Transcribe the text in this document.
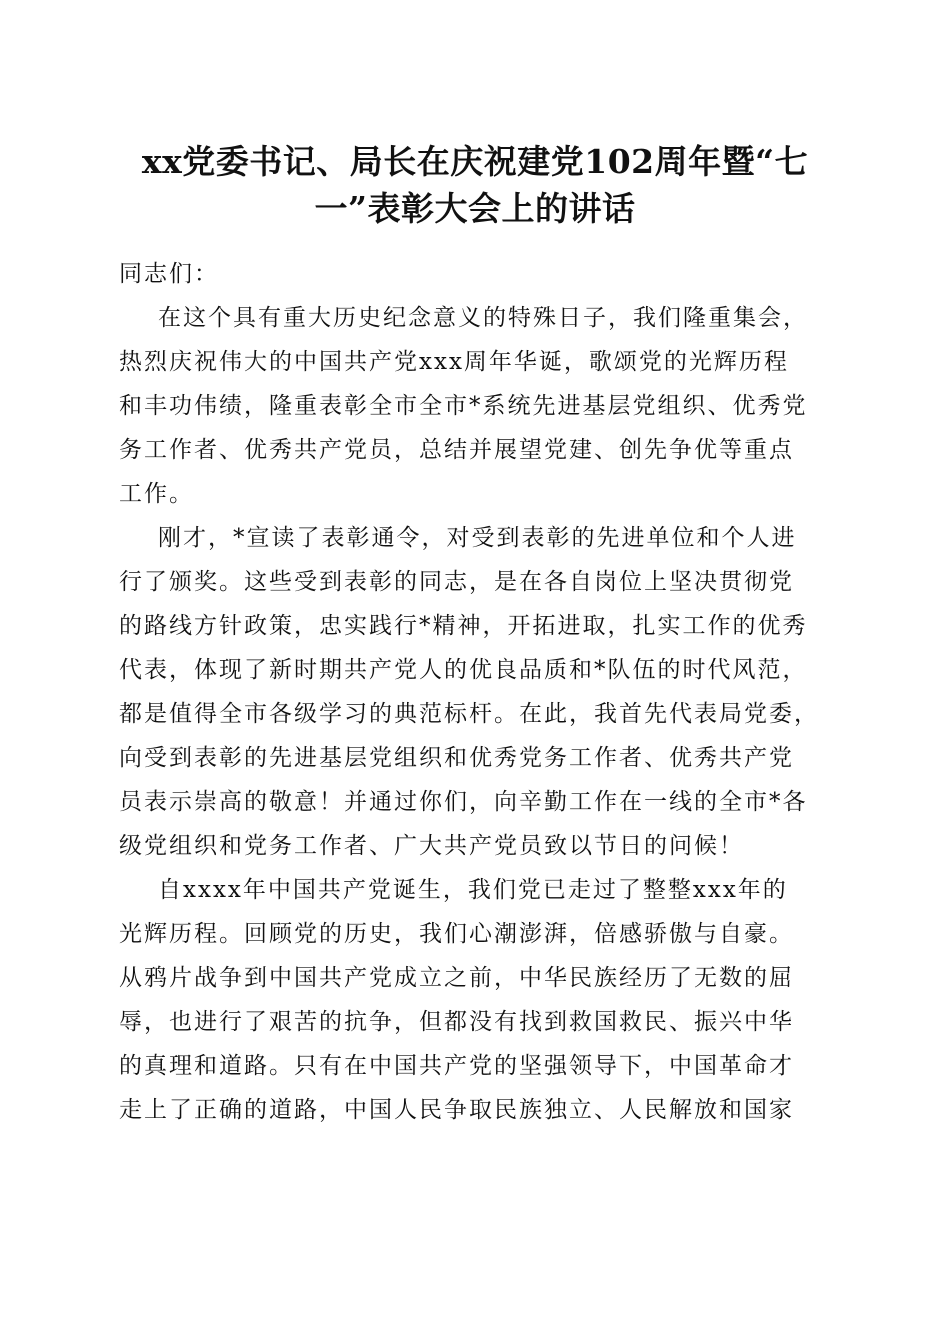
xx党委书记、局长在庆祝建党102周年暨“七
一”表彰大会上的讲话
同志们：
在这个具有重大历史纪念意义的特殊日子，我们隆重集会，
热烈庆祝伟大的中国共产党xxx周年华诞，歌颂党的光辉历程
和丰功伟绩，隆重表彰全市全市*系统先进基层党组织、优秀党
务工作者、优秀共产党员，总结并展望党建、创先争优等重点
工作。
刚才，*宣读了表彰通令，对受到表彰的先进单位和个人进
行了颁奖。这些受到表彰的同志，是在各自岗位上坚决贯彻党
的路线方针政策，忠实践行*精神，开拓进取，扎实工作的优秀
代表，体现了新时期共产党人的优良品质和*队伍的时代风范，
都是值得全市各级学习的典范标杆。在此，我首先代表局党委，
向受到表彰的先进基层党组织和优秀党务工作者、优秀共产党
员表示崇高的敬意！并通过你们，向辛勤工作在一线的全市*各
级党组织和党务工作者、广大共产党员致以节日的问候！
自xxxx年中国共产党诞生，我们党已走过了整整xxx年的
光辉历程。回顾党的历史，我们心潮澎湃，倍感骄傲与自豪。
从鸦片战争到中国共产党成立之前，中华民族经历了无数的屈
辱，也进行了艰苦的抗争，但都没有找到救国救民、振兴中华
的真理和道路。只有在中国共产党的坚强领导下，中国革命才
走上了正确的道路，中国人民争取民族独立、人民解放和国家
